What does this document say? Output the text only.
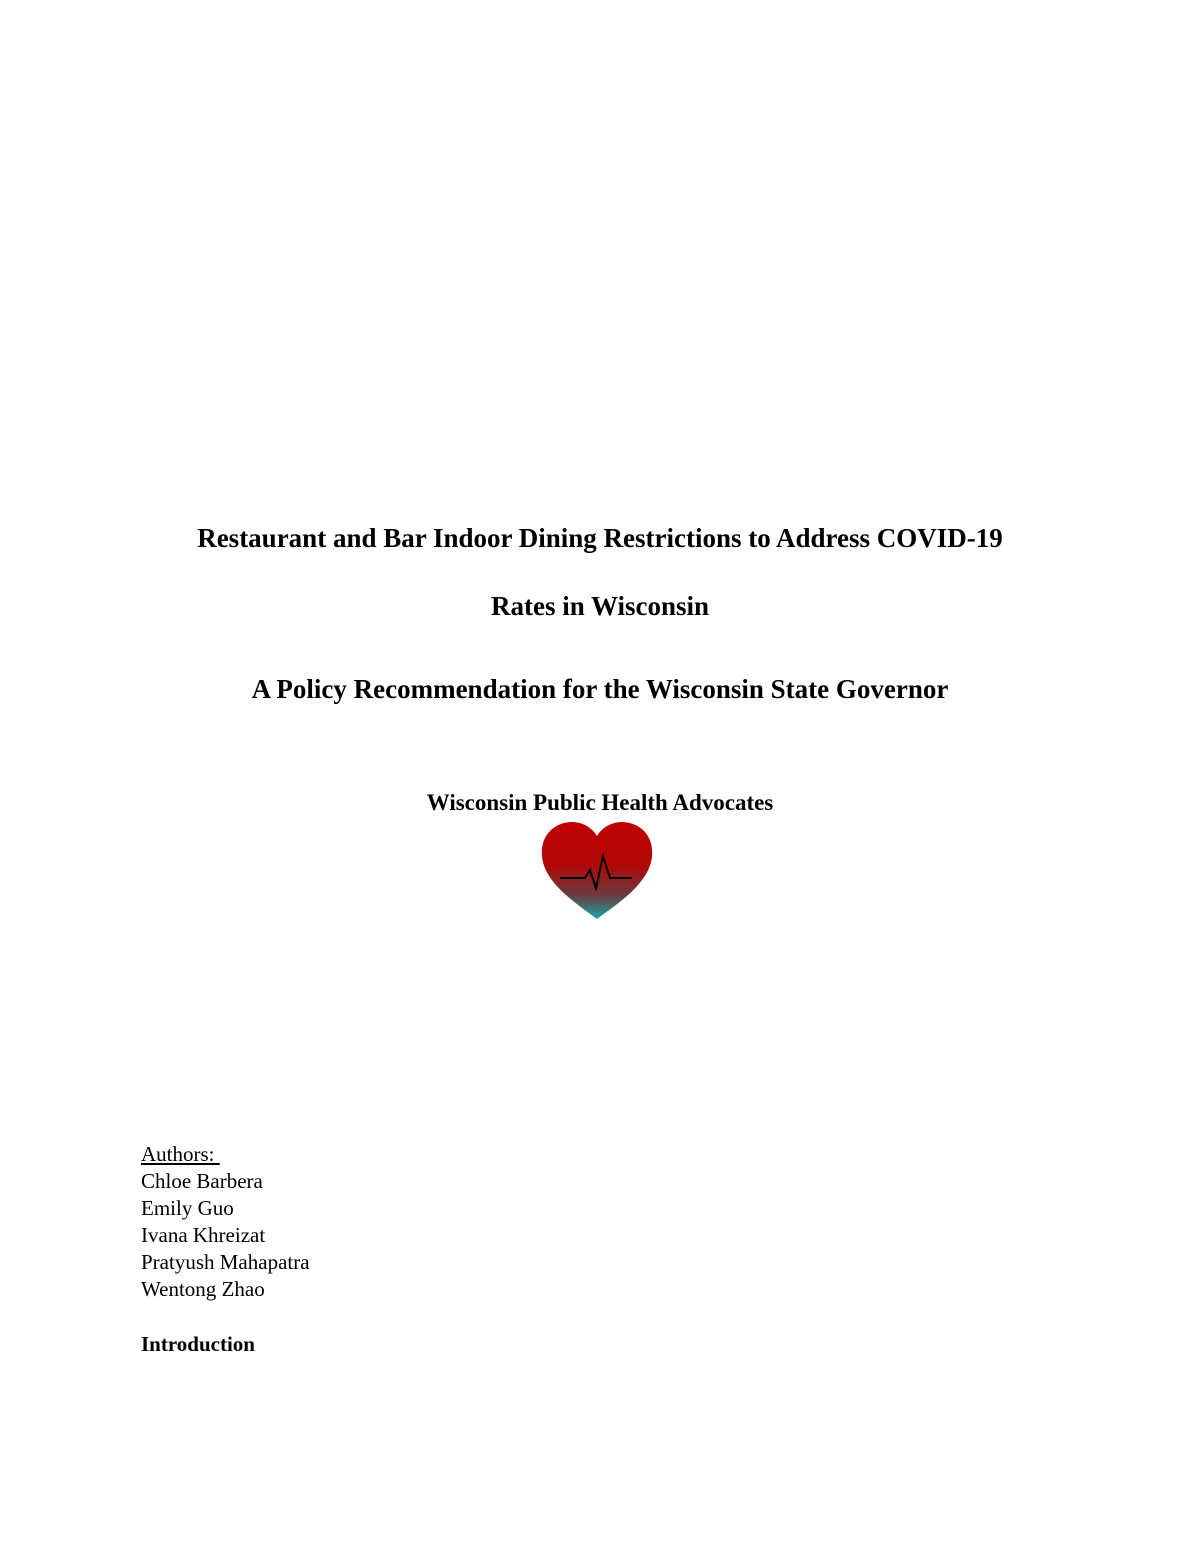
Restaurant and Bar Indoor Dining Restrictions to Address COVID-19
Rates in Wisconsin
A Policy Recommendation for the Wisconsin State Governor
Wisconsin Public Health Advocates
Authors:
Chloe Barbera
Emily Guo
Ivana Khreizat
Pratyush Mahapatra
Wentong Zhao
Introduction
